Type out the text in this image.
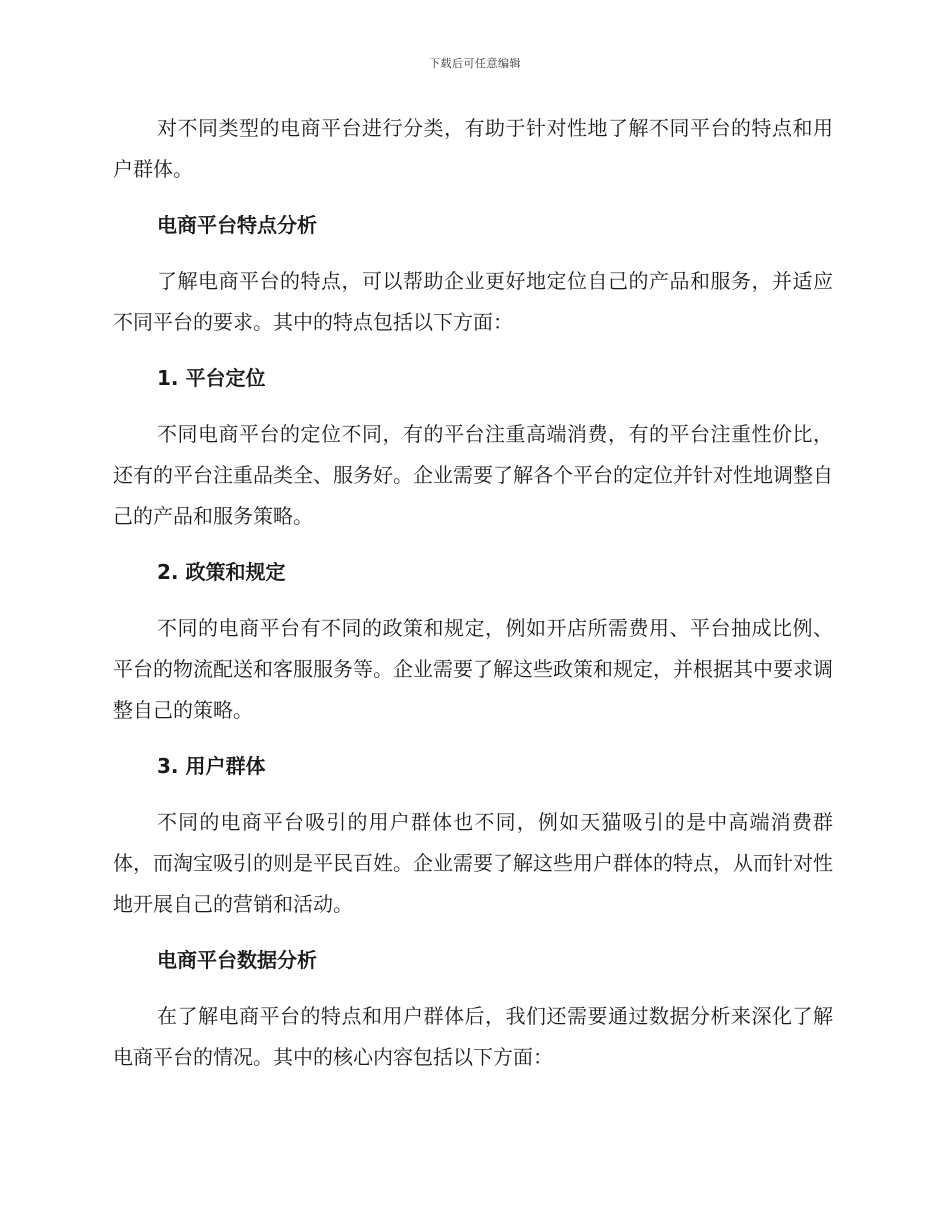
下载后可任意编辑

对不同类型的电商平台进行分类，有助于针对性地了解不同平台的特点和用户群体。

电商平台特点分析

了解电商平台的特点，可以帮助企业更好地定位自己的产品和服务，并适应不同平台的要求。其中的特点包括以下方面：

1. 平台定位

不同电商平台的定位不同，有的平台注重高端消费，有的平台注重性价比，还有的平台注重品类全、服务好。企业需要了解各个平台的定位并针对性地调整自己的产品和服务策略。

2. 政策和规定

不同的电商平台有不同的政策和规定，例如开店所需费用、平台抽成比例、平台的物流配送和客服服务等。企业需要了解这些政策和规定，并根据其中要求调整自己的策略。

3. 用户群体

不同的电商平台吸引的用户群体也不同，例如天猫吸引的是中高端消费群体，而淘宝吸引的则是平民百姓。企业需要了解这些用户群体的特点，从而针对性地开展自己的营销和活动。

电商平台数据分析

在了解电商平台的特点和用户群体后，我们还需要通过数据分析来深化了解电商平台的情况。其中的核心内容包括以下方面：
